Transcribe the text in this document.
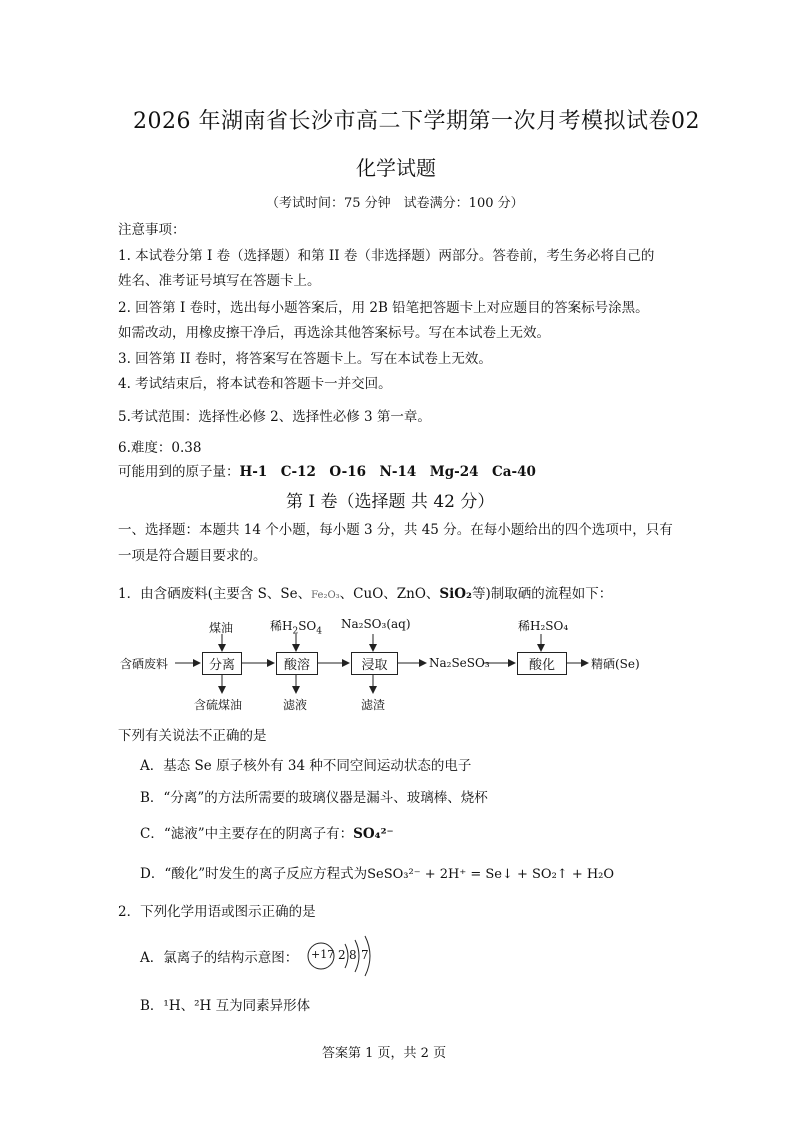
2026 年湖南省长沙市高二下学期第一次月考模拟试卷02
化学试题
（考试时间：75 分钟　试卷满分：100 分）
注意事项：
1. 本试卷分第 I 卷（选择题）和第 II 卷（非选择题）两部分。答卷前，考生务必将自己的
姓名、准考证号填写在答题卡上。
2. 回答第 I 卷时，选出每小题答案后，用 2B 铅笔把答题卡上对应题目的答案标号涂黑。
如需改动，用橡皮擦干净后，再选涂其他答案标号。写在本试卷上无效。
3. 回答第 II 卷时，将答案写在答题卡上。写在本试卷上无效。
4. 考试结束后，将本试卷和答题卡一并交回。
5.考试范围：选择性必修 2、选择性必修 3 第一章。
6.难度：0.38
可能用到的原子量：H-1　C-12　O-16　N-14　Mg-24　Ca-40
第 I 卷（选择题 共 42 分）
一、选择题：本题共 14 个小题，每小题 3 分，共 45 分。在每小题给出的四个选项中，只有
一项是符合题目要求的。
1．由含硒废料(主要含 S、Se、Fe₂O₃、CuO、ZnO、SiO₂等)制取硒的流程如下：
含硒废料	分离	酸溶	浸取	酸化
煤油	稀$H_2SO_4$
Na₂SO₃(aq)	稀H₂SO₄
含硫煤油	滤液	滤渣
Na₂SeSO₃	精硒(Se)
下列有关说法不正确的是
A．基态 Se 原子核外有 34 种不同空间运动状态的电子
B．“分离”的方法所需要的玻璃仪器是漏斗、玻璃棒、烧杯
C．“滤液”中主要存在的阴离子有：SO₄²⁻
D．“酸化”时发生的离子反应方程式为SeSO₃²⁻ + 2H⁺ = Se↓ + SO₂↑ + H₂O
2．下列化学用语或图示正确的是
A．氯离子的结构示意图： +17 2 8 7
B．¹H、²H 互为同素异形体
答案第 1 页，共 2 页
